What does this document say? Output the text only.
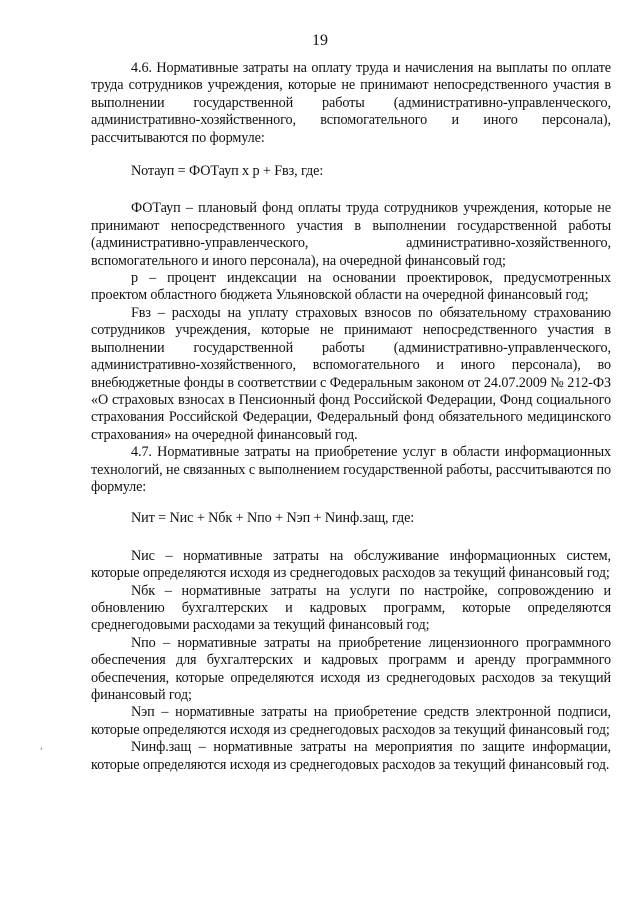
19

4.6. Нормативные затраты на оплату труда и начисления на выплаты по оплате труда сотрудников учреждения, которые не принимают непосредственного участия в выполнении государственной работы (административно-управленческого, административно-хозяйственного, вспомогательного и иного персонала), рассчитываются по формуле:

Nотауп = ФОТауп x р + Fвз, где:

ФОТауп – плановый фонд оплаты труда сотрудников учреждения, которые не принимают непосредственного участия в выполнении государственной работы (административно-управленческого, административно-хозяйственного, вспомогательного и иного персонала), на очередной финансовый год;

р – процент индексации на основании проектировок, предусмотренных проектом областного бюджета Ульяновской области на очередной финансовый год;

Fвз – расходы на уплату страховых взносов по обязательному страхованию сотрудников учреждения, которые не принимают непосредственного участия в выполнении государственной работы (административно-управленческого, административно-хозяйственного, вспомогательного и иного персонала), во внебюджетные фонды в соответствии с Федеральным законом от 24.07.2009 № 212-ФЗ «О страховых взносах в Пенсионный фонд Российской Федерации, Фонд социального страхования Российской Федерации, Федеральный фонд обязательного медицинского страхования» на очередной финансовый год.

4.7. Нормативные затраты на приобретение услуг в области информационных технологий, не связанных с выполнением государственной работы, рассчитываются по формуле:

Nит = Nис + Nбк + Nпо + Nэп + Nинф.защ, где:

Nис – нормативные затраты на обслуживание информационных систем, которые определяются исходя из среднегодовых расходов за текущий финансовый год;

Nбк – нормативные затраты на услуги по настройке, сопровождению и обновлению бухгалтерских и кадровых программ, которые определяются среднегодовыми расходами за текущий финансовый год;

Nпо – нормативные затраты на приобретение лицензионного программного обеспечения для бухгалтерских и кадровых программ и аренду программного обеспечения, которые определяются исходя из среднегодовых расходов за текущий финансовый год;

Nэп – нормативные затраты на приобретение средств электронной подписи, которые определяются исходя из среднегодовых расходов за текущий финансовый год;

Nинф.защ – нормативные затраты на мероприятия по защите информации, которые определяются исходя из среднегодовых расходов за текущий финансовый год.

ʻ
